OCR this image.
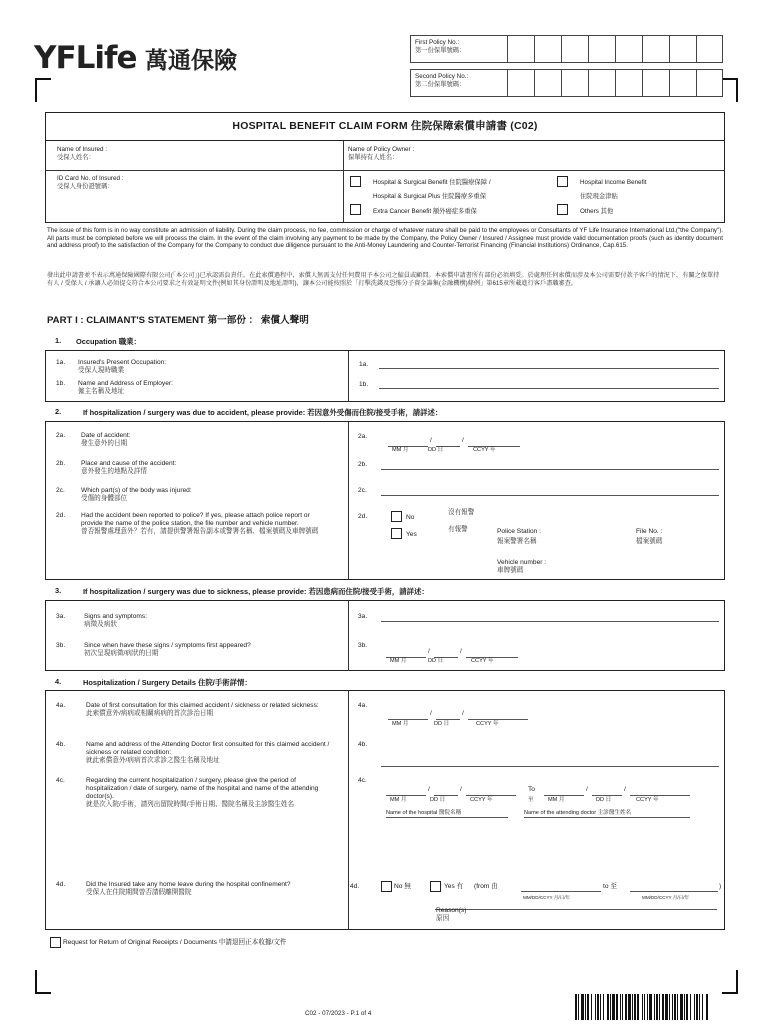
YFLife 萬通保險
First Policy No.:
第一份保單號碼：
Second Policy No.:
第二份保單號碼：
HOSPITAL BENEFIT CLAIM FORM 住院保障索償申請書 (C02)
Name of Insured :
受保人姓名：
Name of Policy Owner :
保單持有人姓名：
ID Card No. of Insured :
受保人身份證號碼：
Hospital & Surgical Benefit 住院醫療保障 /
Hospital & Surgical Plus 住院醫療多重保
Hospital Income Benefit
住院現金津貼
Extra Cancer Benefit 額外癌症多重保	Others 其他
The issue of this form is in no way constitute an admission of liability. During the claim process, no fee, commission or charge of whatever nature shall be paid to the employees or Consultants of YF Life Insurance International Ltd.("the Company"). All parts must be completed before we will process the claim. In the event of the claim involving any payment to be made by the Company, the Policy Owner / Insured / Assignee must provide valid documentation proofs (such as identity document and address proof) to the satisfaction of the Company for the Company to conduct due diligence pursuant to the Anti-Money Laundering and Counter-Terrorist Financing (Financial Institutions) Ordinance, Cap.615.
發出此申請書並不表示萬通保險國際有限公司(「本公司」)已承認需負責任。在此索償過程中，索償人無需支付任何費用予本公司之僱員或顧問。本索償申請書所有部份必須填妥。於處理任何索償而涉及本公司需要付款予客戶的情況下，有關之保單持有人 / 受保人 / 承讓人必須提交符合本公司要求之有效証明文件(例如其身份證明及地址證明)，讓本公司能按照於「打擊洗錢及恐怖分子資金籌集(金融機構)條例」第615章所載進行客戶盡職審查。
PART I : CLAIMANT'S STATEMENT 第一部份 ： 索償人聲明
1. Occupation 職業：
1a. Insured's Present Occupation:
受保人現時職業
1b. Name and Address of Employer:
僱主名稱及地址
1a.
1b.
2.	If hospitalization / surgery was due to accident, please provide: 若因意外受傷而住院/接受手術，請詳述：
2a. Date of accident:
發生意外的日期
2b. Place and cause of the accident:
意外發生的地點及詳情
2c. Which part(s) of the body was injured:
受傷的身體部位
2d. Had the accident been reported to police? If yes, please attach police report or provide the name of the police station, the file number and vehicle number.
曾否報警處理意外？若有，請提供警署報告副本或警署名稱、檔案號碼及車牌號碼
2a.
/	/
MM 月	DD 日	CCYY 年
2b.
2c.
2d.	No
沒有報警
Yes
有報警	Police Station :
報案警署名稱
File No. :
檔案號碼
Vehicle number :
車牌號碼
3.	If hospitalization / surgery was due to sickness, please provide: 若因患病而住院/接受手術，請詳述：
3a.	Signs and symptoms:
病徵及病狀
3b.	Since when have these signs / symptoms first appeared?
初次呈現病徵/病狀的日期
3a.
3b.
/	/
MM 月	DD 日	CCYY 年
4.	Hospitalization / Surgery Details 住院/手術詳情：
4a.	Date of first consultation for this claimed accident / sickness or related sickness:
此索償意外/病病或相關病病的首次診治日期
4b.	Name and address of the Attending Doctor first consulted for this claimed accident / sickness or related condition:
就此索償意外/病病首次求診之醫生名稱及地址
4c.	Regarding the current hospitalization / surgery, please give the period of hospitalization / date of surgery, name of the hospital and name of the attending doctor(s).
就是次入院/手術，請列出留院時間/手術日期、醫院名稱及主診醫生姓名
4d.	Did the Insured take any home leave during the hospital confinement?
受保人在住院期間曾否請假離開醫院
4a.
/	/
MM 月	DD 日	CCYY 年
4b.
4c.
/	/
MM 月	DD 日	CCYY 年
To
至
/	/
MM 月	DD 日	CCYY 年
Name of the hospital 醫院名稱	Name of the attending doctor 主診醫生姓名
4d.	No 無	Yes 有 (from 由
MM/DD/CCYY 月/日/年
to 至
MM/DD/CCYY 月/日/年
)
Reason(s)
原因
Request for Return of Original Receipts / Documents 申請退回正本收據/文件
C02 - 07/2023 - P.1 of 4
